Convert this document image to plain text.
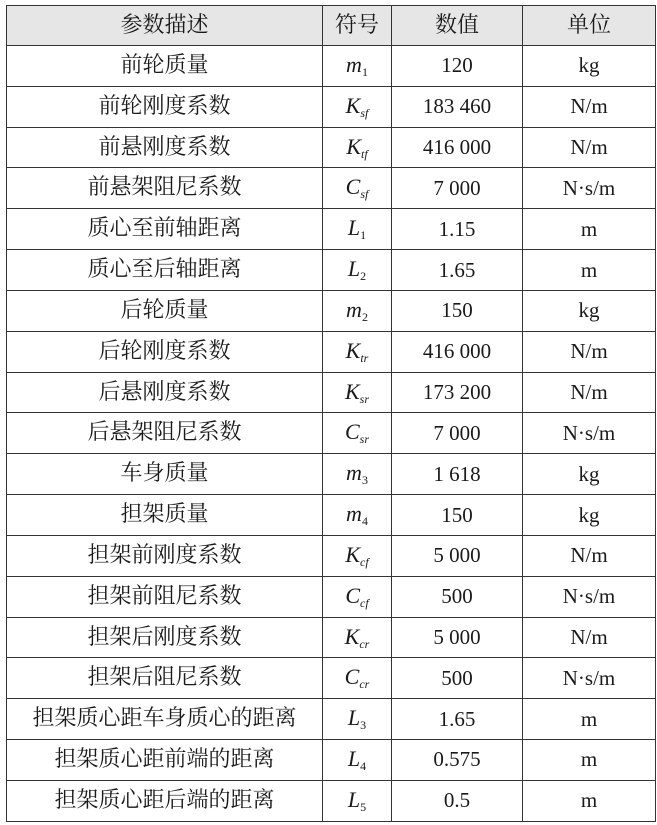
参数描述	符号	数值	单位
前轮质量	$m_1$	120	kg
前轮刚度系数	$K_{sf}$	183 460	N/m
前悬刚度系数	$K_{tf}$	416 000	N/m
前悬架阻尼系数	$C_{sf}$	7 000	N·s/m
质心至前轴距离	$L_1$	1.15	m
质心至后轴距离	$L_2$	1.65	m
后轮质量	$m_2$	150	kg
后轮刚度系数	$K_{tr}$	416 000	N/m
后悬刚度系数	$K_{sr}$	173 200	N/m
后悬架阻尼系数	$C_{sr}$	7 000	N·s/m
车身质量	$m_3$	1 618	kg
担架质量	$m_4$	150	kg
担架前刚度系数	$K_{cf}$	5 000	N/m
担架前阻尼系数	$C_{cf}$	500	N·s/m
担架后刚度系数	$K_{cr}$	5 000	N/m
担架后阻尼系数	$C_{cr}$	500	N·s/m
担架质心距车身质心的距离	$L_3$	1.65	m
担架质心距前端的距离	$L_4$	0.575	m
担架质心距后端的距离	$L_5$	0.5	m
